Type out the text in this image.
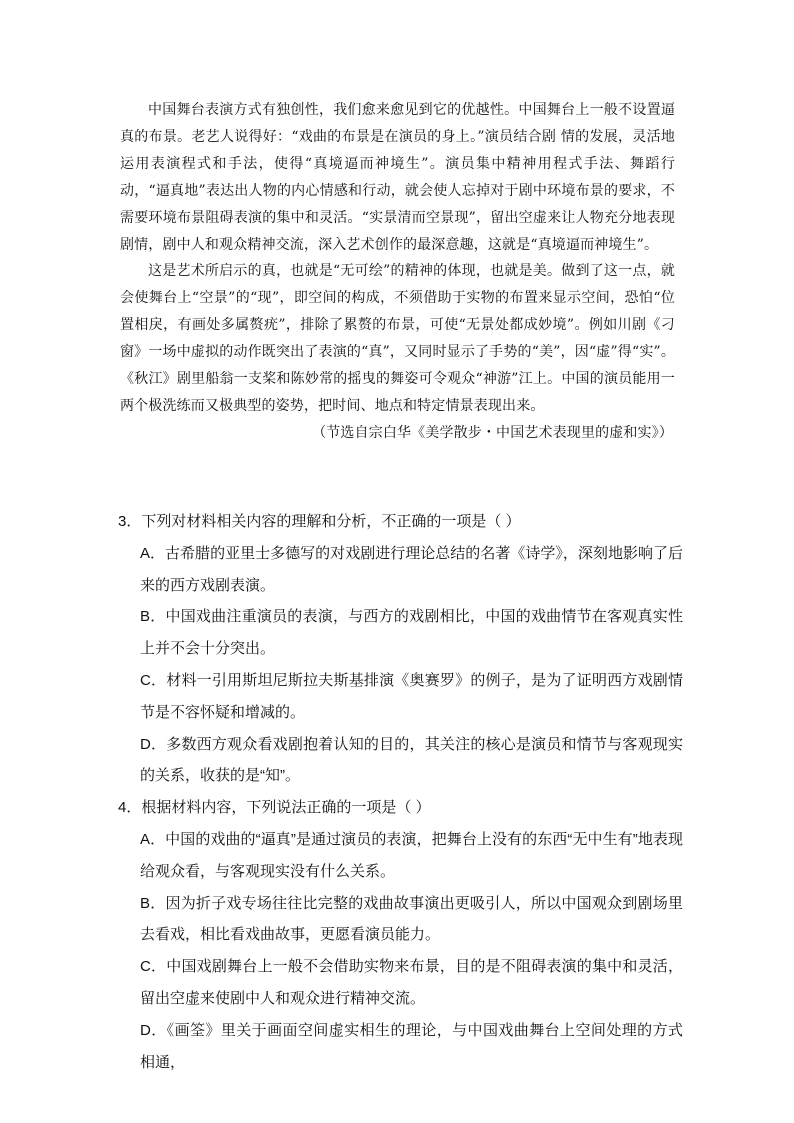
中国舞台表演方式有独创性，我们愈来愈见到它的优越性。中国舞台上一般不设置逼真的布景。老艺人说得好：“戏曲的布景是在演员的身上。”演员结合剧 情的发展，灵活地运用表演程式和手法，使得“真境逼而神境生”。演员集中精神用程式手法、舞蹈行动，“逼真地”表达出人物的内心情感和行动，就会使人忘掉对于剧中环境布景的要求，不需要环境布景阻碍表演的集中和灵活。“实景清而空景现”，留出空虚来让人物充分地表现剧情，剧中人和观众精神交流，深入艺术创作的最深意趣，这就是“真境逼而神境生”。

这是艺术所启示的真，也就是“无可绘”的精神的体现，也就是美。做到了这一点，就会使舞台上“空景”的“现”，即空间的构成，不须借助于实物的布置来显示空间，恐怕“位置相戾，有画处多属赘疣”，排除了累赘的布景，可使“无景处都成妙境”。例如川剧《刁窗》一场中虚拟的动作既突出了表演的“真”，又同时显示了手势的“美”，因“虚”得“实”。《秋江》剧里船翁一支桨和陈妙常的摇曳的舞姿可令观众“神游”江上。中国的演员能用一两个极洗练而又极典型的姿势，把时间、地点和特定情景表现出来。

（节选自宗白华《美学散步・中国艺术表现里的虚和实》）

3．下列对材料相关内容的理解和分析，不正确的一项是（ ）

A．古希腊的亚里士多德写的对戏剧进行理论总结的名著《诗学》，深刻地影响了后来的西方戏剧表演。

B．中国戏曲注重演员的表演，与西方的戏剧相比，中国的戏曲情节在客观真实性上并不会十分突出。

C．材料一引用斯坦尼斯拉夫斯基排演《奥赛罗》的例子，是为了证明西方戏剧情节是不容怀疑和增减的。

D．多数西方观众看戏剧抱着认知的目的，其关注的核心是演员和情节与客观现实的关系，收获的是“知”。

4．根据材料内容，下列说法正确的一项是（ ）

A．中国的戏曲的“逼真”是通过演员的表演，把舞台上没有的东西“无中生有”地表现给观众看，与客观现实没有什么关系。

B．因为折子戏专场往往比完整的戏曲故事演出更吸引人，所以中国观众到剧场里去看戏，相比看戏曲故事，更愿看演员能力。

C．中国戏剧舞台上一般不会借助实物来布景，目的是不阻碍表演的集中和灵活，留出空虚来使剧中人和观众进行精神交流。

D．《画筌》里关于画面空间虚实相生的理论，与中国戏曲舞台上空间处理的方式相通，
